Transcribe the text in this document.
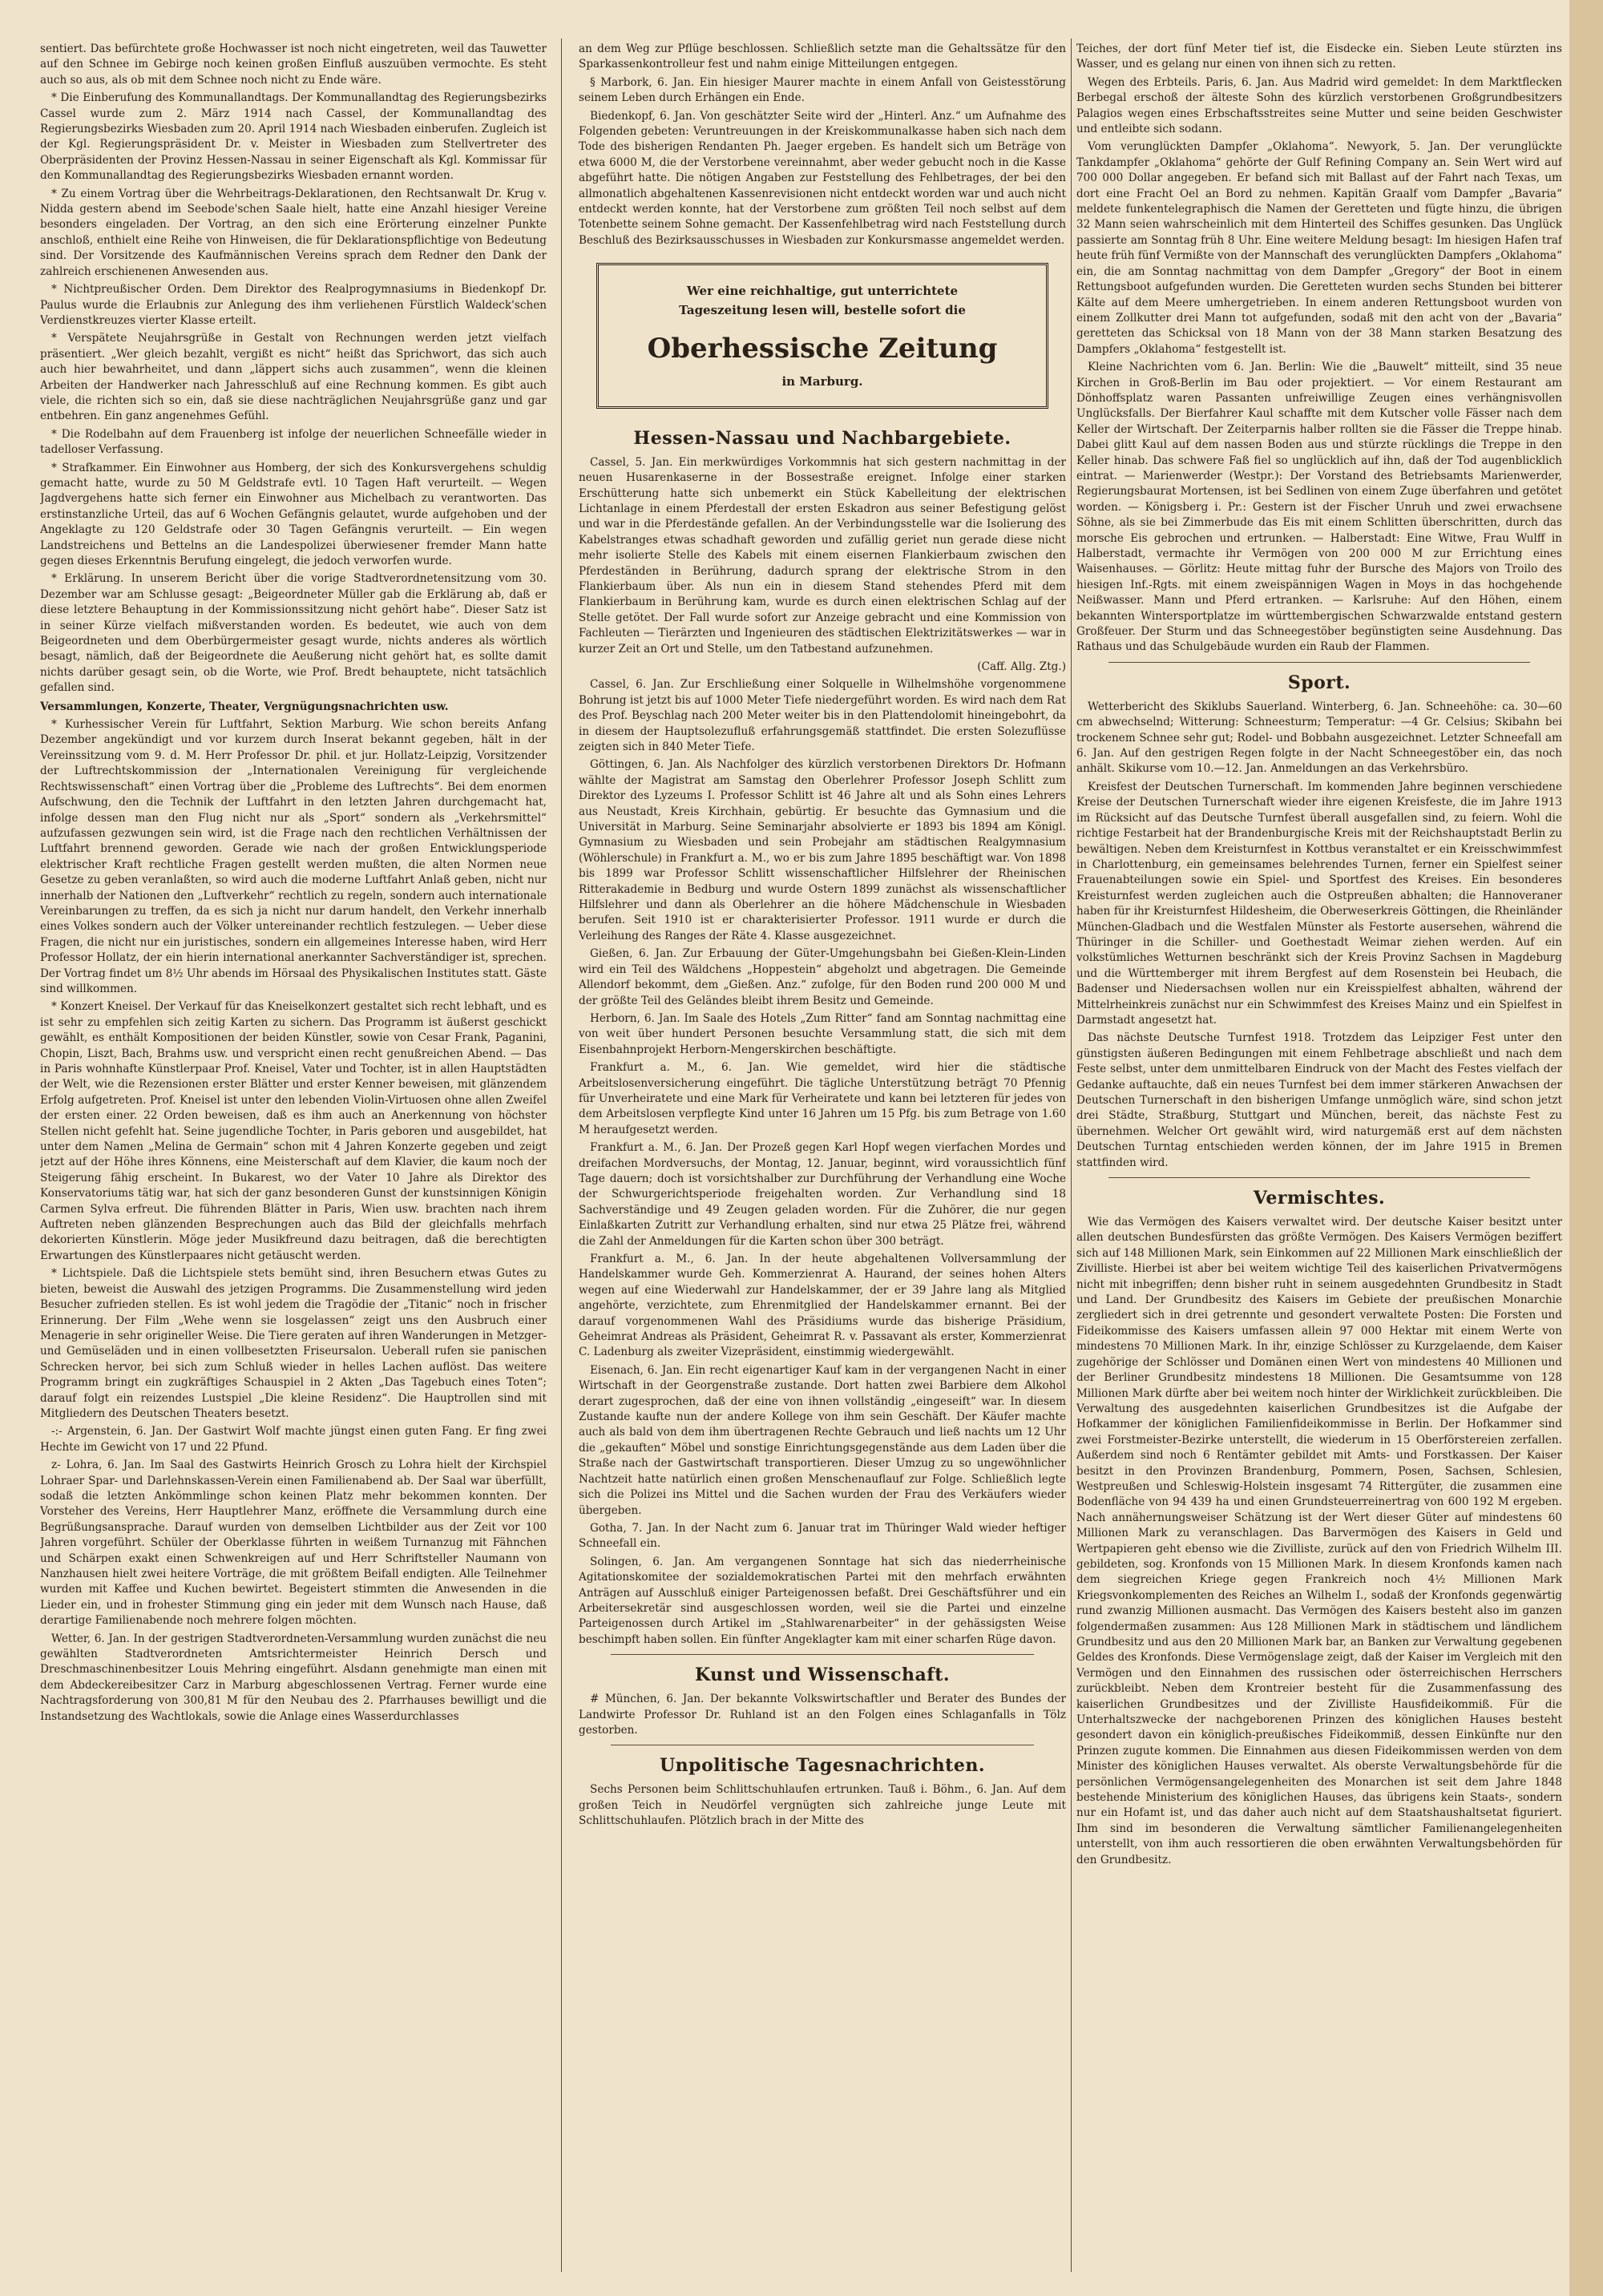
sentiert. Das befürchtete große Hochwasser ist noch nicht eingetreten, weil das Tauwetter auf den Schnee im Gebirge noch keinen großen Einfluß auszuüben vermochte. Es steht auch so aus, als ob mit dem Schnee noch nicht zu Ende wäre.

* Die Einberufung des Kommunallandtags. Der Kommunallandtag des Regierungsbezirks Cassel wurde zum 2. März 1914 nach Cassel, der Kommunallandtag des Regierungsbezirks Wiesbaden zum 20. April 1914 nach Wiesbaden einberufen. Zugleich ist der Kgl. Regierungspräsident Dr. v. Meister in Wiesbaden zum Stellvertreter des Oberpräsidenten der Provinz Hessen-Nassau in seiner Eigenschaft als Kgl. Kommissar für den Kommunallandtag des Regierungsbezirks Wiesbaden ernannt worden.

* Zu einem Vortrag über die Wehrbeitrags-Deklarationen, den Rechtsanwalt Dr. Krug v. Nidda gestern abend im Seebode'schen Saale hielt, hatte eine Anzahl hiesiger Vereine besonders eingeladen. Der Vortrag, an den sich eine Erörterung einzelner Punkte anschloß, enthielt eine Reihe von Hinweisen, die für Deklarationspflichtige von Bedeutung sind. Der Vorsitzende des Kaufmännischen Vereins sprach dem Redner den Dank der zahlreich erschienenen Anwesenden aus.

* Nichtpreußischer Orden. Dem Direktor des Realprogymnasiums in Biedenkopf Dr. Paulus wurde die Erlaubnis zur Anlegung des ihm verliehenen Fürstlich Waldeck'schen Verdienstkreuzes vierter Klasse erteilt.

* Verspätete Neujahrsgrüße in Gestalt von Rechnungen werden jetzt vielfach präsentiert. „Wer gleich bezahlt, vergißt es nicht“ heißt das Sprichwort, das sich auch auch hier bewahrheitet, und dann „läppert sichs auch zusammen“, wenn die kleinen Arbeiten der Handwerker nach Jahresschluß auf eine Rechnung kommen. Es gibt auch viele, die richten sich so ein, daß sie diese nachträglichen Neujahrsgrüße ganz und gar entbehren. Ein ganz angenehmes Gefühl.

* Die Rodelbahn auf dem Frauenberg ist infolge der neuerlichen Schneefälle wieder in tadelloser Verfassung.

* Strafkammer. Ein Einwohner aus Homberg, der sich des Konkursvergehens schuldig gemacht hatte, wurde zu 50 M Geldstrafe evtl. 10 Tagen Haft verurteilt. — Wegen Jagdvergehens hatte sich ferner ein Einwohner aus Michelbach zu verantworten. Das erstinstanzliche Urteil, das auf 6 Wochen Gefängnis gelautet, wurde aufgehoben und der Angeklagte zu 120 Geldstrafe oder 30 Tagen Gefängnis verurteilt. — Ein wegen Landstreichens und Bettelns an die Landespolizei überwiesener fremder Mann hatte gegen dieses Erkenntnis Berufung eingelegt, die jedoch verworfen wurde.

* Erklärung. In unserem Bericht über die vorige Stadtverordnetensitzung vom 30. Dezember war am Schlusse gesagt: „Beigeordneter Müller gab die Erklärung ab, daß er diese letztere Behauptung in der Kommissionssitzung nicht gehört habe“. Dieser Satz ist in seiner Kürze vielfach mißverstanden worden. Es bedeutet, wie auch von dem Beigeordneten und dem Oberbürgermeister gesagt wurde, nichts anderes als wörtlich besagt, nämlich, daß der Beigeordnete die Aeußerung nicht gehört hat, es sollte damit nichts darüber gesagt sein, ob die Worte, wie Prof. Bredt behauptete, nicht tatsächlich gefallen sind.

Versammlungen, Konzerte, Theater, Vergnügungsnachrichten usw.

* Kurhessischer Verein für Luftfahrt, Sektion Marburg. Wie schon bereits Anfang Dezember angekündigt und vor kurzem durch Inserat bekannt gegeben, hält in der Vereinssitzung vom 9. d. M. Herr Professor Dr. phil. et jur. Hollatz-Leipzig, Vorsitzender der Luftrechtskommission der „Internationalen Vereinigung für vergleichende Rechtswissenschaft“ einen Vortrag über die „Probleme des Luftrechts“. Bei dem enormen Aufschwung, den die Technik der Luftfahrt in den letzten Jahren durchgemacht hat, infolge dessen man den Flug nicht nur als „Sport“ sondern als „Verkehrsmittel“ aufzufassen gezwungen sein wird, ist die Frage nach den rechtlichen Verhältnissen der Luftfahrt brennend geworden. Gerade wie nach der großen Entwicklungsperiode elektrischer Kraft rechtliche Fragen gestellt werden mußten, die alten Normen neue Gesetze zu geben veranlaßten, so wird auch die moderne Luftfahrt Anlaß geben, nicht nur innerhalb der Nationen den „Luftverkehr“ rechtlich zu regeln, sondern auch internationale Vereinbarungen zu treffen, da es sich ja nicht nur darum handelt, den Verkehr innerhalb eines Volkes sondern auch der Völker untereinander rechtlich festzulegen. — Ueber diese Fragen, die nicht nur ein juristisches, sondern ein allgemeines Interesse haben, wird Herr Professor Hollatz, der ein hierin international anerkannter Sachverständiger ist, sprechen. Der Vortrag findet um 8½ Uhr abends im Hörsaal des Physikalischen Institutes statt. Gäste sind willkommen.

* Konzert Kneisel. Der Verkauf für das Kneiselkonzert gestaltet sich recht lebhaft, und es ist sehr zu empfehlen sich zeitig Karten zu sichern. Das Programm ist äußerst geschickt gewählt, es enthält Kompositionen der beiden Künstler, sowie von Cesar Frank, Paganini, Chopin, Liszt, Bach, Brahms usw. und verspricht einen recht genußreichen Abend. — Das in Paris wohnhafte Künstlerpaar Prof. Kneisel, Vater und Tochter, ist in allen Hauptstädten der Welt, wie die Rezensionen erster Blätter und erster Kenner beweisen, mit glänzendem Erfolg aufgetreten. Prof. Kneisel ist unter den lebenden Violin-Virtuosen ohne allen Zweifel der ersten einer. 22 Orden beweisen, daß es ihm auch an Anerkennung von höchster Stellen nicht gefehlt hat. Seine jugendliche Tochter, in Paris geboren und ausgebildet, hat unter dem Namen „Melina de Germain“ schon mit 4 Jahren Konzerte gegeben und zeigt jetzt auf der Höhe ihres Könnens, eine Meisterschaft auf dem Klavier, die kaum noch der Steigerung fähig erscheint. In Bukarest, wo der Vater 10 Jahre als Direktor des Konservatoriums tätig war, hat sich der ganz besonderen Gunst der kunstsinnigen Königin Carmen Sylva erfreut. Die führenden Blätter in Paris, Wien usw. brachten nach ihrem Auftreten neben glänzenden Besprechungen auch das Bild der gleichfalls mehrfach dekorierten Künstlerin. Möge jeder Musikfreund dazu beitragen, daß die berechtigten Erwartungen des Künstlerpaares nicht getäuscht werden.

* Lichtspiele. Daß die Lichtspiele stets bemüht sind, ihren Besuchern etwas Gutes zu bieten, beweist die Auswahl des jetzigen Programms. Die Zusammenstellung wird jeden Besucher zufrieden stellen. Es ist wohl jedem die Tragödie der „Titanic“ noch in frischer Erinnerung. Der Film „Wehe wenn sie losgelassen“ zeigt uns den Ausbruch einer Menagerie in sehr origineller Weise. Die Tiere geraten auf ihren Wanderungen in Metzger- und Gemüseläden und in einen vollbesetzten Friseursalon. Ueberall rufen sie panischen Schrecken hervor, bei sich zum Schluß wieder in helles Lachen auflöst. Das weitere Programm bringt ein zugkräftiges Schauspiel in 2 Akten „Das Tagebuch eines Toten“; darauf folgt ein reizendes Lustspiel „Die kleine Residenz“. Die Hauptrollen sind mit Mitgliedern des Deutschen Theaters besetzt.

-:- Argenstein, 6. Jan. Der Gastwirt Wolf machte jüngst einen guten Fang. Er fing zwei Hechte im Gewicht von 17 und 22 Pfund.

z- Lohra, 6. Jan. Im Saal des Gastwirts Heinrich Grosch zu Lohra hielt der Kirchspiel Lohraer Spar- und Darlehnskassen-Verein einen Familienabend ab. Der Saal war überfüllt, sodaß die letzten Ankömmlinge schon keinen Platz mehr bekommen konnten. Der Vorsteher des Vereins, Herr Hauptlehrer Manz, eröffnete die Versammlung durch eine Begrüßungsansprache. Darauf wurden von demselben Lichtbilder aus der Zeit vor 100 Jahren vorgeführt. Schüler der Oberklasse führten in weißem Turnanzug mit Fähnchen und Schärpen exakt einen Schwenkreigen auf und Herr Schriftsteller Naumann von Nanzhausen hielt zwei heitere Vorträge, die mit größtem Beifall endigten. Alle Teilnehmer wurden mit Kaffee und Kuchen bewirtet. Begeistert stimmten die Anwesenden in die Lieder ein, und in frohester Stimmung ging ein jeder mit dem Wunsch nach Hause, daß derartige Familienabende noch mehrere folgen möchten.

Wetter, 6. Jan. In der gestrigen Stadtverordneten-Versammlung wurden zunächst die neu gewählten Stadtverordneten Amtsrichtermeister Heinrich Dersch und Dreschmaschinenbesitzer Louis Mehring eingeführt. Alsdann genehmigte man einen mit dem Abdeckereibesitzer Carz in Marburg abgeschlossenen Vertrag. Ferner wurde eine Nachtragsforderung von 300,81 M für den Neubau des 2. Pfarrhauses bewilligt und die Instandsetzung des Wachtlokals, sowie die Anlage eines Wasserdurchlasses

an dem Weg zur Pflüge beschlossen. Schließlich setzte man die Gehaltssätze für den Sparkassenkontrolleur fest und nahm einige Mitteilungen entgegen.

§ Marbork, 6. Jan. Ein hiesiger Maurer machte in einem Anfall von Geistesstörung seinem Leben durch Erhängen ein Ende.

Biedenkopf, 6. Jan. Von geschätzter Seite wird der „Hinterl. Anz.“ um Aufnahme des Folgenden gebeten: Veruntreuungen in der Kreiskommunalkasse haben sich nach dem Tode des bisherigen Rendanten Ph. Jaeger ergeben. Es handelt sich um Beträge von etwa 6000 M, die der Verstorbene vereinnahmt, aber weder gebucht noch in die Kasse abgeführt hatte. Die nötigen Angaben zur Feststellung des Fehlbetrages, der bei den allmonatlich abgehaltenen Kassenrevisionen nicht entdeckt worden war und auch nicht entdeckt werden konnte, hat der Verstorbene zum größten Teil noch selbst auf dem Totenbette seinem Sohne gemacht. Der Kassenfehlbetrag wird nach Feststellung durch Beschluß des Bezirksausschusses in Wiesbaden zur Konkursmasse angemeldet werden.

Wer eine reichhaltige, gut unterrichtete
Tageszeitung lesen will, bestelle sofort die
Oberhessische Zeitung
in Marburg.
Hessen-Nassau und Nachbargebiete.

Cassel, 5. Jan. Ein merkwürdiges Vorkommnis hat sich gestern nachmittag in der neuen Husarenkaserne in der Bossestraße ereignet. Infolge einer starken Erschütterung hatte sich unbemerkt ein Stück Kabelleitung der elektrischen Lichtanlage in einem Pferdestall der ersten Eskadron aus seiner Befestigung gelöst und war in die Pferdestände gefallen. An der Verbindungsstelle war die Isolierung des Kabelstranges etwas schadhaft geworden und zufällig geriet nun gerade diese nicht mehr isolierte Stelle des Kabels mit einem eisernen Flankierbaum zwischen den Pferdeständen in Berührung, dadurch sprang der elektrische Strom in den Flankierbaum über. Als nun ein in diesem Stand stehendes Pferd mit dem Flankierbaum in Berührung kam, wurde es durch einen elektrischen Schlag auf der Stelle getötet. Der Fall wurde sofort zur Anzeige gebracht und eine Kommission von Fachleuten — Tierärzten und Ingenieuren des städtischen Elektrizitätswerkes — war in kurzer Zeit an Ort und Stelle, um den Tatbestand aufzunehmen.

(Caff. Allg. Ztg.)

Cassel, 6. Jan. Zur Erschließung einer Solquelle in Wilhelmshöhe vorgenommene Bohrung ist jetzt bis auf 1000 Meter Tiefe niedergeführt worden. Es wird nach dem Rat des Prof. Beyschlag nach 200 Meter weiter bis in den Plattendolomit hineingebohrt, da in diesem der Hauptsolezufluß erfahrungsgemäß stattfindet. Die ersten Solezuflüsse zeigten sich in 840 Meter Tiefe.

Göttingen, 6. Jan. Als Nachfolger des kürzlich verstorbenen Direktors Dr. Hofmann wählte der Magistrat am Samstag den Oberlehrer Professor Joseph Schlitt zum Direktor des Lyzeums I. Professor Schlitt ist 46 Jahre alt und als Sohn eines Lehrers aus Neustadt, Kreis Kirchhain, gebürtig. Er besuchte das Gymnasium und die Universität in Marburg. Seine Seminarjahr absolvierte er 1893 bis 1894 am Königl. Gymnasium zu Wiesbaden und sein Probejahr am städtischen Realgymnasium (Wöhlerschule) in Frankfurt a. M., wo er bis zum Jahre 1895 beschäftigt war. Von 1898 bis 1899 war Professor Schlitt wissenschaftlicher Hilfslehrer der Rheinischen Ritterakademie in Bedburg und wurde Ostern 1899 zunächst als wissenschaftlicher Hilfslehrer und dann als Oberlehrer an die höhere Mädchenschule in Wiesbaden berufen. Seit 1910 ist er charakterisierter Professor. 1911 wurde er durch die Verleihung des Ranges der Räte 4. Klasse ausgezeichnet.

Gießen, 6. Jan. Zur Erbauung der Güter-Umgehungsbahn bei Gießen-Klein-Linden wird ein Teil des Wäldchens „Hoppestein“ abgeholzt und abgetragen. Die Gemeinde Allendorf bekommt, dem „Gießen. Anz.“ zufolge, für den Boden rund 200 000 M und der größte Teil des Geländes bleibt ihrem Besitz und Gemeinde.

Herborn, 6. Jan. Im Saale des Hotels „Zum Ritter“ fand am Sonntag nachmittag eine von weit über hundert Personen besuchte Versammlung statt, die sich mit dem Eisenbahnprojekt Herborn-Mengerskirchen beschäftigte.

Frankfurt a. M., 6. Jan. Wie gemeldet, wird hier die städtische Arbeitslosenversicherung eingeführt. Die tägliche Unterstützung beträgt 70 Pfennig für Unverheiratete und eine Mark für Verheiratete und kann bei letzteren für jedes von dem Arbeitslosen verpflegte Kind unter 16 Jahren um 15 Pfg. bis zum Betrage von 1.60 M heraufgesetzt werden.

Frankfurt a. M., 6. Jan. Der Prozeß gegen Karl Hopf wegen vierfachen Mordes und dreifachen Mordversuchs, der Montag, 12. Januar, beginnt, wird voraussichtlich fünf Tage dauern; doch ist vorsichtshalber zur Durchführung der Verhandlung eine Woche der Schwurgerichtsperiode freigehalten worden. Zur Verhandlung sind 18 Sachverständige und 49 Zeugen geladen worden. Für die Zuhörer, die nur gegen Einlaßkarten Zutritt zur Verhandlung erhalten, sind nur etwa 25 Plätze frei, während die Zahl der Anmeldungen für die Karten schon über 300 beträgt.

Frankfurt a. M., 6. Jan. In der heute abgehaltenen Vollversammlung der Handelskammer wurde Geh. Kommerzienrat A. Haurand, der seines hohen Alters wegen auf eine Wiederwahl zur Handelskammer, der er 39 Jahre lang als Mitglied angehörte, verzichtete, zum Ehrenmitglied der Handelskammer ernannt. Bei der darauf vorgenommenen Wahl des Präsidiums wurde das bisherige Präsidium, Geheimrat Andreas als Präsident, Geheimrat R. v. Passavant als erster, Kommerzienrat C. Ladenburg als zweiter Vizepräsident, einstimmig wiedergewählt.

Eisenach, 6. Jan. Ein recht eigenartiger Kauf kam in der vergangenen Nacht in einer Wirtschaft in der Georgenstraße zustande. Dort hatten zwei Barbiere dem Alkohol derart zugesprochen, daß der eine von ihnen vollständig „eingeseift“ war. In diesem Zustande kaufte nun der andere Kollege von ihm sein Geschäft. Der Käufer machte auch als bald von dem ihm übertragenen Rechte Gebrauch und ließ nachts um 12 Uhr die „gekauften“ Möbel und sonstige Einrichtungsgegenstände aus dem Laden über die Straße nach der Gastwirtschaft transportieren. Dieser Umzug zu so ungewöhnlicher Nachtzeit hatte natürlich einen großen Menschenauflauf zur Folge. Schließlich legte sich die Polizei ins Mittel und die Sachen wurden der Frau des Verkäufers wieder übergeben.

Gotha, 7. Jan. In der Nacht zum 6. Januar trat im Thüringer Wald wieder heftiger Schneefall ein.

Solingen, 6. Jan. Am vergangenen Sonntage hat sich das niederrheinische Agitationskomitee der sozialdemokratischen Partei mit den mehrfach erwähnten Anträgen auf Ausschluß einiger Parteigenossen befaßt. Drei Geschäftsführer und ein Arbeitersekretär sind ausgeschlossen worden, weil sie die Partei und einzelne Parteigenossen durch Artikel im „Stahlwarenarbeiter“ in der gehässigsten Weise beschimpft haben sollen. Ein fünfter Angeklagter kam mit einer scharfen Rüge davon.

Kunst und Wissenschaft.

# München, 6. Jan. Der bekannte Volkswirtschaftler und Berater des Bundes der Landwirte Professor Dr. Ruhland ist an den Folgen eines Schlaganfalls in Tölz gestorben.

Unpolitische Tagesnachrichten.

Sechs Personen beim Schlittschuhlaufen ertrunken. Tauß i. Böhm., 6. Jan. Auf dem großen Teich in Neudörfel vergnügten sich zahlreiche junge Leute mit Schlittschuhlaufen. Plötzlich brach in der Mitte des

Teiches, der dort fünf Meter tief ist, die Eisdecke ein. Sieben Leute stürzten ins Wasser, und es gelang nur einen von ihnen sich zu retten.

Wegen des Erbteils. Paris, 6. Jan. Aus Madrid wird gemeldet: In dem Marktflecken Berbegal erschoß der älteste Sohn des kürzlich verstorbenen Großgrundbesitzers Palagios wegen eines Erbschaftsstreites seine Mutter und seine beiden Geschwister und entleibte sich sodann.

Vom verunglückten Dampfer „Oklahoma“. Newyork, 5. Jan. Der verunglückte Tankdampfer „Oklahoma“ gehörte der Gulf Refining Company an. Sein Wert wird auf 700 000 Dollar angegeben. Er befand sich mit Ballast auf der Fahrt nach Texas, um dort eine Fracht Oel an Bord zu nehmen. Kapitän Graalf vom Dampfer „Bavaria“ meldete funkentelegraphisch die Namen der Geretteten und fügte hinzu, die übrigen 32 Mann seien wahrscheinlich mit dem Hinterteil des Schiffes gesunken. Das Unglück passierte am Sonntag früh 8 Uhr. Eine weitere Meldung besagt: Im hiesigen Hafen traf heute früh fünf Vermißte von der Mannschaft des verunglückten Dampfers „Oklahoma“ ein, die am Sonntag nachmittag von dem Dampfer „Gregory“ der Boot in einem Rettungsboot aufgefunden wurden. Die Geretteten wurden sechs Stunden bei bitterer Kälte auf dem Meere umhergetrieben. In einem anderen Rettungsboot wurden von einem Zollkutter drei Mann tot aufgefunden, sodaß mit den acht von der „Bavaria“ geretteten das Schicksal von 18 Mann von der 38 Mann starken Besatzung des Dampfers „Oklahoma“ festgestellt ist.

Kleine Nachrichten vom 6. Jan. Berlin: Wie die „Bauwelt“ mitteilt, sind 35 neue Kirchen in Groß-Berlin im Bau oder projektiert. — Vor einem Restaurant am Dönhoffsplatz waren Passanten unfreiwillige Zeugen eines verhängnisvollen Unglücksfalls. Der Bierfahrer Kaul schaffte mit dem Kutscher volle Fässer nach dem Keller der Wirtschaft. Der Zeiterparnis halber rollten sie die Fässer die Treppe hinab. Dabei glitt Kaul auf dem nassen Boden aus und stürzte rücklings die Treppe in den Keller hinab. Das schwere Faß fiel so unglücklich auf ihn, daß der Tod augenblicklich eintrat. — Marienwerder (Westpr.): Der Vorstand des Betriebsamts Marienwerder, Regierungsbaurat Mortensen, ist bei Sedlinen von einem Zuge überfahren und getötet worden. — Königsberg i. Pr.: Gestern ist der Fischer Unruh und zwei erwachsene Söhne, als sie bei Zimmerbude das Eis mit einem Schlitten überschritten, durch das morsche Eis gebrochen und ertrunken. — Halberstadt: Eine Witwe, Frau Wulff in Halberstadt, vermachte ihr Vermögen von 200 000 M zur Errichtung eines Waisenhauses. — Görlitz: Heute mittag fuhr der Bursche des Majors von Troilo des hiesigen Inf.-Rgts. mit einem zweispännigen Wagen in Moys in das hochgehende Neißwasser. Mann und Pferd ertranken. — Karlsruhe: Auf den Höhen, einem bekannten Wintersportplatze im württembergischen Schwarzwalde entstand gestern Großfeuer. Der Sturm und das Schneegestöber begünstigten seine Ausdehnung. Das Rathaus und das Schulgebäude wurden ein Raub der Flammen.

Sport.

Wetterbericht des Skiklubs Sauerland. Winterberg, 6. Jan. Schneehöhe: ca. 30—60 cm abwechselnd; Witterung: Schneesturm; Temperatur: —4 Gr. Celsius; Skibahn bei trockenem Schnee sehr gut; Rodel- und Bobbahn ausgezeichnet. Letzter Schneefall am 6. Jan. Auf den gestrigen Regen folgte in der Nacht Schneegestöber ein, das noch anhält. Skikurse vom 10.—12. Jan. Anmeldungen an das Verkehrsbüro.

Kreisfest der Deutschen Turnerschaft. Im kommenden Jahre beginnen verschiedene Kreise der Deutschen Turnerschaft wieder ihre eigenen Kreisfeste, die im Jahre 1913 im Rücksicht auf das Deutsche Turnfest überall ausgefallen sind, zu feiern. Wohl die richtige Festarbeit hat der Brandenburgische Kreis mit der Reichshauptstadt Berlin zu bewältigen. Neben dem Kreisturnfest in Kottbus veranstaltet er ein Kreisschwimmfest in Charlottenburg, ein gemeinsames belehrendes Turnen, ferner ein Spielfest seiner Frauenabteilungen sowie ein Spiel- und Sportfest des Kreises. Ein besonderes Kreisturnfest werden zugleichen auch die Ostpreußen abhalten; die Hannoveraner haben für ihr Kreisturnfest Hildesheim, die Oberweserkreis Göttingen, die Rheinländer München-Gladbach und die Westfalen Münster als Festorte ausersehen, während die Thüringer in die Schiller- und Goethestadt Weimar ziehen werden. Auf ein volkstümliches Wetturnen beschränkt sich der Kreis Provinz Sachsen in Magdeburg und die Württemberger mit ihrem Bergfest auf dem Rosenstein bei Heubach, die Badenser und Niedersachsen wollen nur ein Kreisspielfest abhalten, während der Mittelrheinkreis zunächst nur ein Schwimmfest des Kreises Mainz und ein Spielfest in Darmstadt angesetzt hat.

Das nächste Deutsche Turnfest 1918. Trotzdem das Leipziger Fest unter den günstigsten äußeren Bedingungen mit einem Fehlbetrage abschließt und nach dem Feste selbst, unter dem unmittelbaren Eindruck von der Macht des Festes vielfach der Gedanke auftauchte, daß ein neues Turnfest bei dem immer stärkeren Anwachsen der Deutschen Turnerschaft in den bisherigen Umfange unmöglich wäre, sind schon jetzt drei Städte, Straßburg, Stuttgart und München, bereit, das nächste Fest zu übernehmen. Welcher Ort gewählt wird, wird naturgemäß erst auf dem nächsten Deutschen Turntag entschieden werden können, der im Jahre 1915 in Bremen stattfinden wird.

Vermischtes.

Wie das Vermögen des Kaisers verwaltet wird. Der deutsche Kaiser besitzt unter allen deutschen Bundesfürsten das größte Vermögen. Des Kaisers Vermögen beziffert sich auf 148 Millionen Mark, sein Einkommen auf 22 Millionen Mark einschließlich der Zivilliste. Hierbei ist aber bei weitem wichtige Teil des kaiserlichen Privatvermögens nicht mit inbegriffen; denn bisher ruht in seinem ausgedehnten Grundbesitz in Stadt und Land. Der Grundbesitz des Kaisers im Gebiete der preußischen Monarchie zergliedert sich in drei getrennte und gesondert verwaltete Posten: Die Forsten und Fideikommisse des Kaisers umfassen allein 97 000 Hektar mit einem Werte von mindestens 70 Millionen Mark. In ihr, einzige Schlösser zu Kurzgelaende, dem Kaiser zugehörige der Schlösser und Domänen einen Wert von mindestens 40 Millionen und der Berliner Grundbesitz mindestens 18 Millionen. Die Gesamtsumme von 128 Millionen Mark dürfte aber bei weitem noch hinter der Wirklichkeit zurückbleiben. Die Verwaltung des ausgedehnten kaiserlichen Grundbesitzes ist die Aufgabe der Hofkammer der königlichen Familienfideikommisse in Berlin. Der Hofkammer sind zwei Forstmeister-Bezirke unterstellt, die wiederum in 15 Oberförstereien zerfallen. Außerdem sind noch 6 Rentämter gebildet mit Amts- und Forstkassen. Der Kaiser besitzt in den Provinzen Brandenburg, Pommern, Posen, Sachsen, Schlesien, Westpreußen und Schleswig-Holstein insgesamt 74 Rittergüter, die zusammen eine Bodenfläche von 94 439 ha und einen Grundsteuerreinertrag von 600 192 M ergeben. Nach annähernungsweiser Schätzung ist der Wert dieser Güter auf mindestens 60 Millionen Mark zu veranschlagen. Das Barvermögen des Kaisers in Geld und Wertpapieren geht ebenso wie die Zivilliste, zurück auf den von Friedrich Wilhelm III. gebildeten, sog. Kronfonds von 15 Millionen Mark. In diesem Kronfonds kamen nach dem siegreichen Kriege gegen Frankreich noch 4½ Millionen Mark Kriegsvonkomplementen des Reiches an Wilhelm I., sodaß der Kronfonds gegenwärtig rund zwanzig Millionen ausmacht. Das Vermögen des Kaisers besteht also im ganzen folgendermaßen zusammen: Aus 128 Millionen Mark in städtischem und ländlichem Grundbesitz und aus den 20 Millionen Mark bar, an Banken zur Verwaltung gegebenen Geldes des Kronfonds. Diese Vermögenslage zeigt, daß der Kaiser im Vergleich mit den Vermögen und den Einnahmen des russischen oder österreichischen Herrschers zurückbleibt. Neben dem Krontreier besteht für die Zusammenfassung des kaiserlichen Grundbesitzes und der Zivilliste Hausfideikommiß. Für die Unterhaltszwecke der nachgeborenen Prinzen des königlichen Hauses besteht gesondert davon ein königlich-preußisches Fideikommiß, dessen Einkünfte nur den Prinzen zugute kommen. Die Einnahmen aus diesen Fideikommissen werden von dem Minister des königlichen Hauses verwaltet. Als oberste Verwaltungsbehörde für die persönlichen Vermögensangelegenheiten des Monarchen ist seit dem Jahre 1848 bestehende Ministerium des königlichen Hauses, das übrigens kein Staats-, sondern nur ein Hofamt ist, und das daher auch nicht auf dem Staatshaushaltsetat figuriert. Ihm sind im besonderen die Verwaltung sämtlicher Familienangelegenheiten unterstellt, von ihm auch ressortieren die oben erwähnten Verwaltungsbehörden für den Grundbesitz.
